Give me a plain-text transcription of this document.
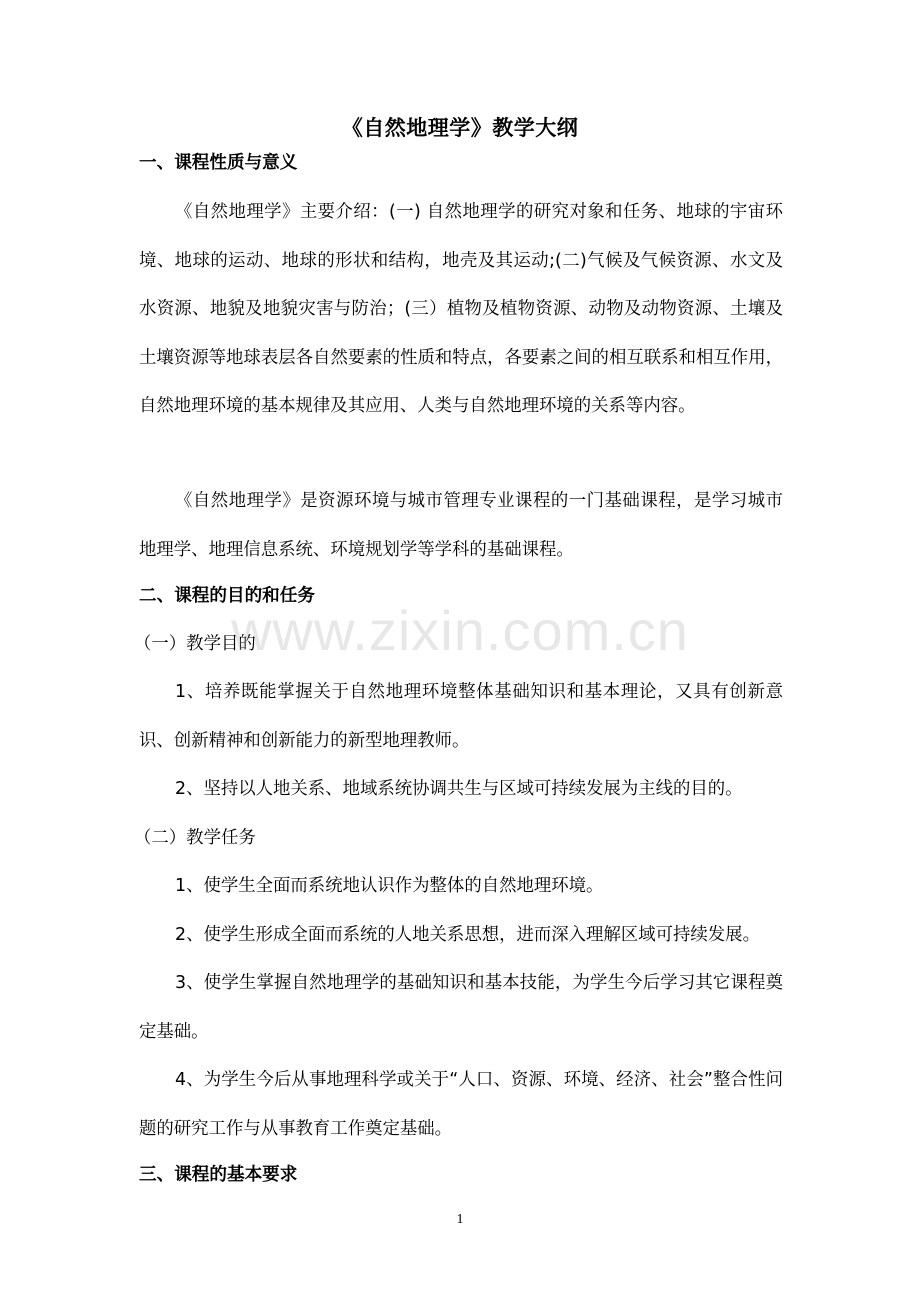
《自然地理学》教学大纲
一、课程性质与意义
《自然地理学》主要介绍：(一) 自然地理学的研究对象和任务、地球的宇宙环境、地球的运动、地球的形状和结构，地壳及其运动;(二)气候及气候资源、水文及水资源、地貌及地貌灾害与防治；(三）植物及植物资源、动物及动物资源、土壤及土壤资源等地球表层各自然要素的性质和特点，各要素之间的相互联系和相互作用，自然地理环境的基本规律及其应用、人类与自然地理环境的关系等内容。
《自然地理学》是资源环境与城市管理专业课程的一门基础课程，是学习城市地理学、地理信息系统、环境规划学等学科的基础课程。
二、课程的目的和任务
（一）教学目的
1、培养既能掌握关于自然地理环境整体基础知识和基本理论，又具有创新意识、创新精神和创新能力的新型地理教师。
2、坚持以人地关系、地域系统协调共生与区域可持续发展为主线的目的。
（二）教学任务
1、使学生全面而系统地认识作为整体的自然地理环境。
2、使学生形成全面而系统的人地关系思想，进而深入理解区域可持续发展。
3、使学生掌握自然地理学的基础知识和基本技能，为学生今后学习其它课程奠定基础。
4、为学生今后从事地理科学或关于“人口、资源、环境、经济、社会”整合性问题的研究工作与从事教育工作奠定基础。
三、课程的基本要求
www.zixin.com.cn
1
